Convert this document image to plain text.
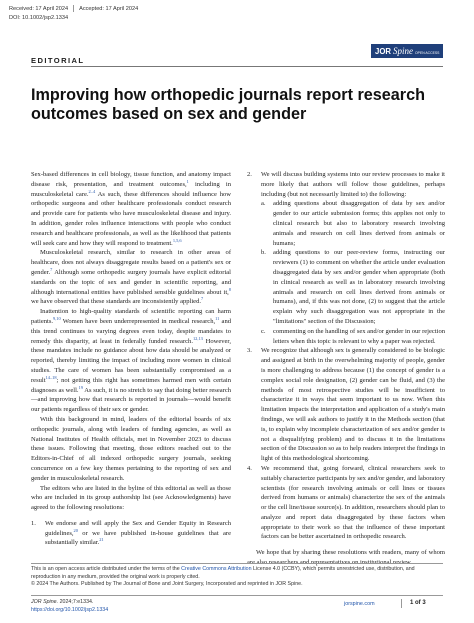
Received: 17 April 2024 Accepted: 17 April 2024
DOI: 10.1002/jsp2.1334
EDITORIAL
JOR Spine OPEN ACCESS
Improving how orthopedic journals report research outcomes based on sex and gender

Sex-based differences in cell biology, tissue function, and anatomy impact disease risk, presentation, and treatment outcomes,$^1$ including in musculoskeletal care.$^{2-4}$ As such, these differences should influence how orthopedic surgeons and other healthcare professionals conduct research and provide care for patients who have musculoskeletal disease and injury. In addition, gender roles influence interactions with people who conduct research and healthcare professionals, as well as the likelihood that patients will seek care and how they will respond to treatment.$^{1,5,6}$

Musculoskeletal research, similar to research in other areas of healthcare, does not always disaggregate results based on a patient's sex or gender.$^7$ Although some orthopedic surgery journals have explicit editorial standards on the topic of sex and gender in scientific reporting, and although international entities have published sensible guidelines about it,$^8$ we have observed that these standards are inconsistently applied.$^7$

Inattention to high-quality standards of scientific reporting can harm patients.$^{9,10}$ Women have been underrepresented in medical research,$^{11}$ and this trend continues to varying degrees even today, despite mandates to remedy this disparity, at least in federally funded research.$^{12,13}$ However, these mandates include no guidance about how data should be analyzed or reported, thereby limiting the impact of including more women in clinical studies. The care of women has been substantially compromised as a result$^{14-18}$; not getting this right has sometimes harmed men with certain diagnoses as well.$^{19}$ As such, it is no stretch to say that doing better research—and improving how that research is reported in journals—would benefit our patients regardless of their sex or gender.

With this background in mind, leaders of the editorial boards of six orthopedic journals, along with leaders of funding agencies, as well as National Institutes of Health officials, met in November 2023 to discuss these issues. Following that meeting, those editors reached out to the Editors-in-Chief of all indexed orthopedic surgery journals, seeking concurrence on a few key themes pertaining to the reporting of sex and gender in musculoskeletal research.

The editors who are listed in the byline of this editorial as well as those who are included in its group authorship list (see Acknowledgments) have agreed to the following resolutions:

1. We endorse and will apply the Sex and Gender Equity in Research guidelines,$^{20}$ or we have published in-house guidelines that are substantially similar.$^{21}$
2. We will discuss building systems into our review processes to make it more likely that authors will follow those guidelines, perhaps including (but not necessarily limited to) the following:
a. adding questions about disaggregation of data by sex and/or gender to our article submission forms; this applies not only to clinical research but also to laboratory research involving animals and research on cell lines derived from animals or humans;
b. adding questions to our peer-review forms, instructing our reviewers (1) to comment on whether the article under evaluation disaggregated data by sex and/or gender when appropriate (both in clinical research as well as in laboratory research involving animals and research on cell lines derived from animals or humans), and, if this was not done, (2) to suggest that the article explain why such disaggregation was not appropriate in the "limitations" section of the Discussion;
c. commenting on the handling of sex and/or gender in our rejection letters when this topic is relevant to why a paper was rejected.
3. We recognize that although sex is generally considered to be biologic and assigned at birth in the overwhelming majority of people, gender is more challenging to address because (1) the concept of gender is a complex social role designation, (2) gender can be fluid, and (3) the methods of most retrospective studies will be insufficient to characterize it in ways that seem important to us now. When this limitation impacts the interpretation and application of a study's main findings, we will ask authors to justify it in the Methods section (that is, to explain why incomplete characterization of sex and/or gender is not a disqualifying problem) and to discuss it in the limitations section of the Discussion so as to help readers interpret the findings in light of this methodological shortcoming.
4. We recommend that, going forward, clinical researchers seek to suitably characterize participants by sex and/or gender, and laboratory scientists (for research involving animals or cell lines or tissues derived from humans or animals) characterize the sex of the animals or the cell line/tissue source(s). In addition, researchers should plan to analyze and report data disaggregated by these factors when appropriate to their work so that the influence of these important factors can be better ascertained in orthopedic research.

We hope that by sharing these resolutions with readers, many of whom

This is an open access article distributed under the terms of the Creative Commons Attribution License 4.0 (CCBY), which permits unrestricted use, distribution, and reproduction in any medium, provided the original work is properly cited.
© 2024 The Authors. Published by The Journal of Bone and Joint Surgery, Incorporated and reprinted in JOR Spine.
JOR Spine. 2024;7:e1334.
https://doi.org/10.1002/jsp2.1334
jorspine.com	1 of 3
